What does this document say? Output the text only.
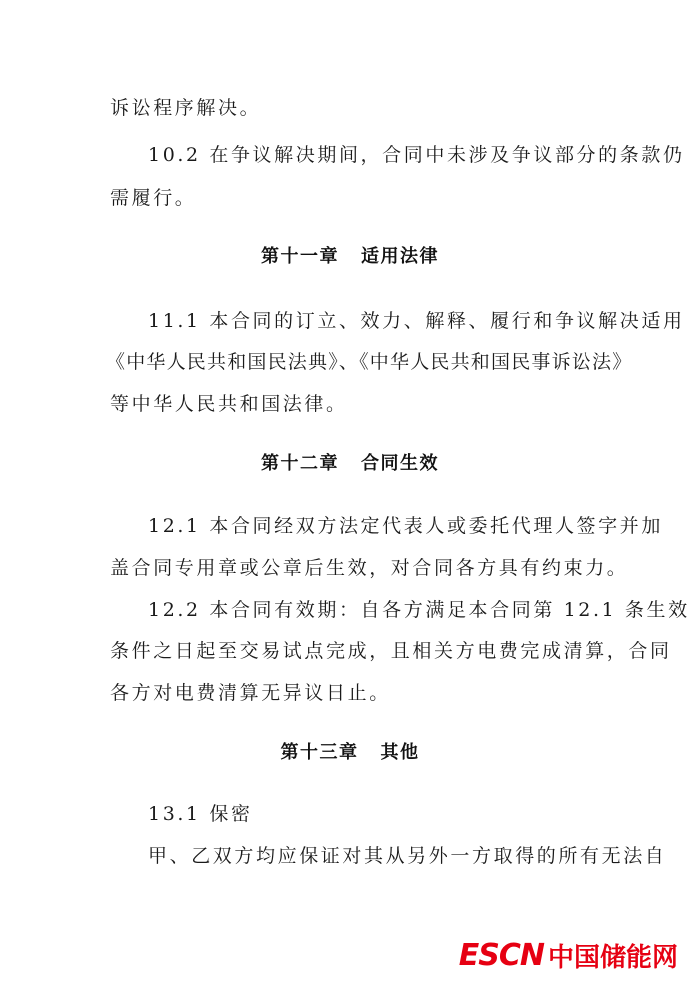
诉讼程序解决。
10.2 在争议解决期间，合同中未涉及争议部分的条款仍
需履行。
第十一章 适用法律
11.1 本合同的订立、效力、解释、履行和争议解决适用
《中华人民共和国民法典》、《中华人民共和国民事诉讼法》
等中华人民共和国法律。
第十二章 合同生效
12.1 本合同经双方法定代表人或委托代理人签字并加
盖合同专用章或公章后生效，对合同各方具有约束力。
12.2 本合同有效期：自各方满足本合同第 12.1 条生效
条件之日起至交易试点完成，且相关方电费完成清算，合同
各方对电费清算无异议日止。
第十三章 其他
13.1 保密
甲、乙双方均应保证对其从另外一方取得的所有无法自
ESCN 中国储能网
